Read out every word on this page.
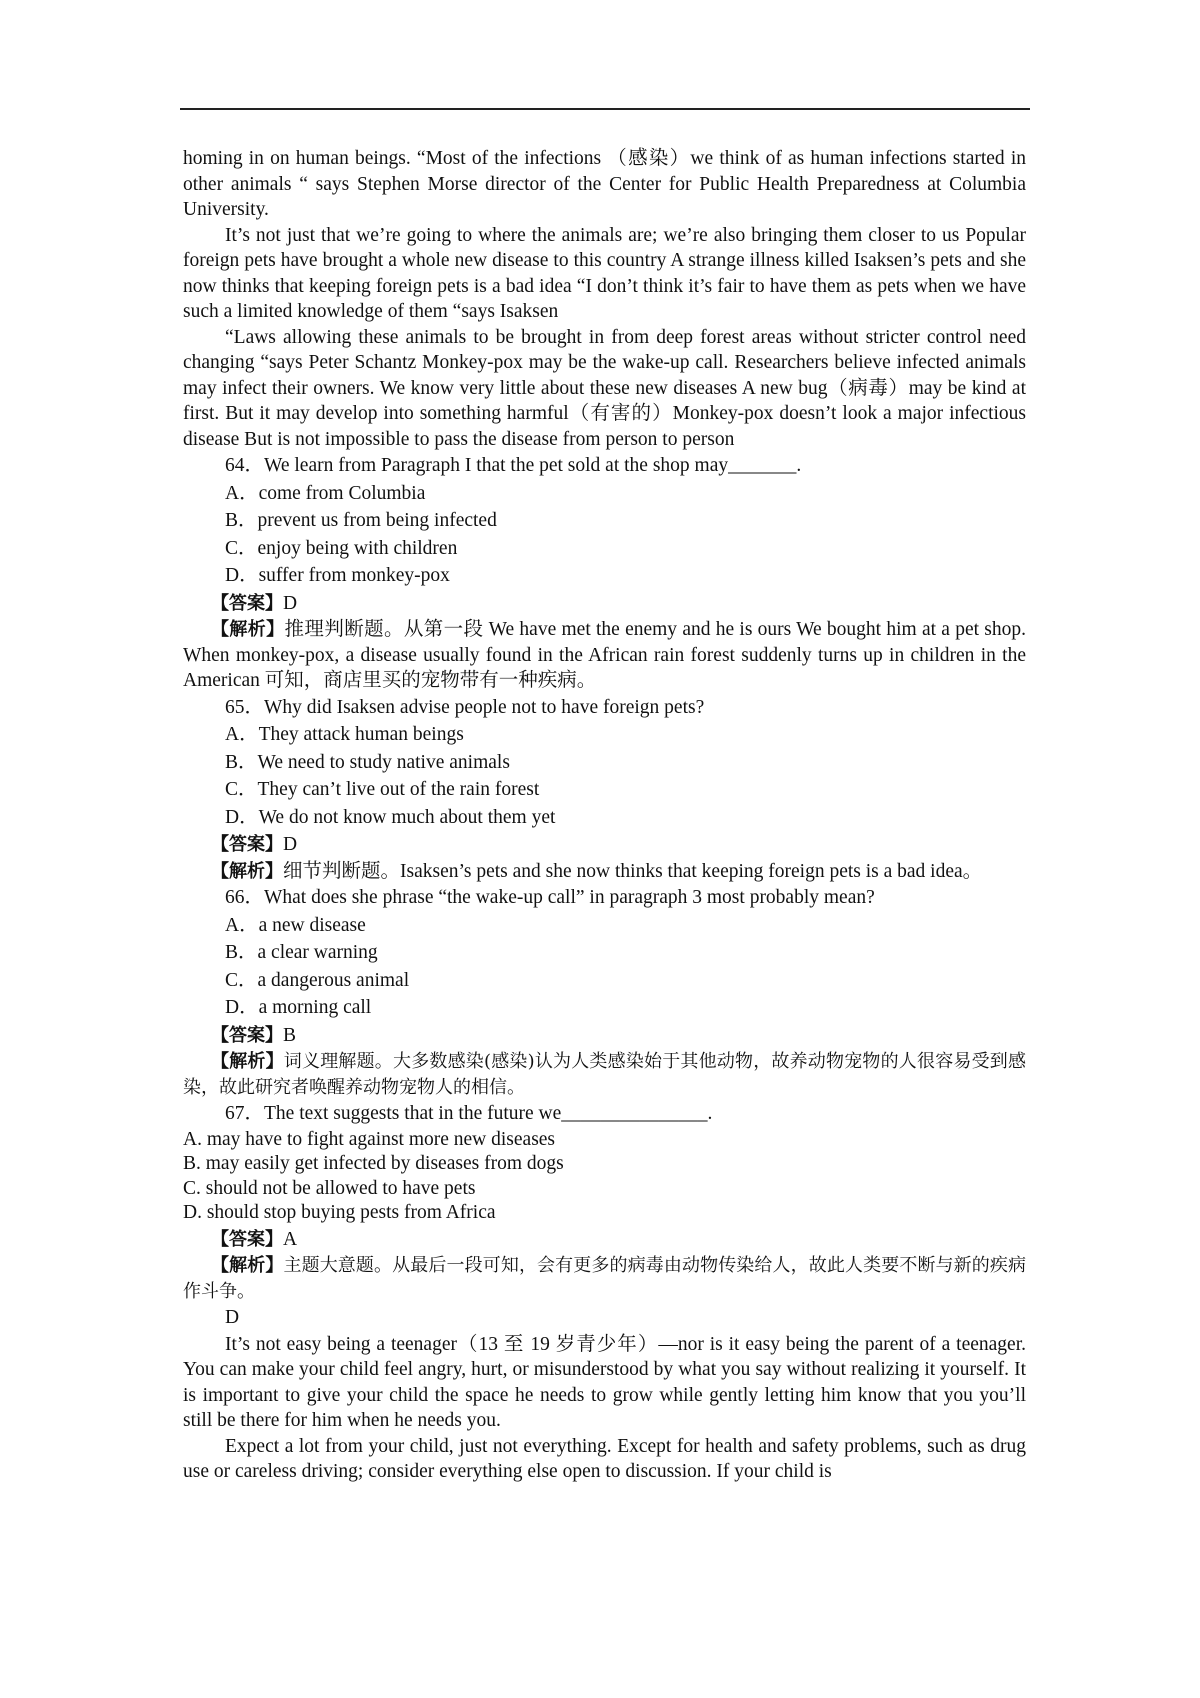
homing in on human beings. “Most of the infections （感染）we think of as human infections started in other animals “ says Stephen Morse director of the Center for Public Health Preparedness at Columbia University.

It’s not just that we’re going to where the animals are; we’re also bringing them closer to us Popular foreign pets have brought a whole new disease to this country A strange illness killed Isaksen’s pets and she now thinks that keeping foreign pets is a bad idea “I don’t think it’s fair to have them as pets when we have such a limited knowledge of them “says Isaksen

“Laws allowing these animals to be brought in from deep forest areas without stricter control need changing “says Peter Schantz Monkey-pox may be the wake-up call. Researchers believe infected animals may infect their owners. We know very little about these new diseases A new bug（病毒）may be kind at first. But it may develop into something harmful（有害的）Monkey-pox doesn’t look a major infectious disease But is not impossible to pass the disease from person to person

64．We learn from Paragraph I that the pet sold at the shop may_______.

A．come from Columbia

B．prevent us from being infected

C．enjoy being with children

D．suffer from monkey-pox

【答案】D

【解析】推理判断题。从第一段 We have met the enemy and he is ours We bought him at a pet shop. When monkey-pox, a disease usually found in the African rain forest suddenly turns up in children in the American 可知，商店里买的宠物带有一种疾病。

65．Why did Isaksen advise people not to have foreign pets?

A．They attack human beings

B．We need to study native animals

C．They can’t live out of the rain forest

D．We do not know much about them yet

【答案】D

【解析】细节判断题。Isaksen’s pets and she now thinks that keeping foreign pets is a bad idea。

66．What does she phrase “the wake-up call” in paragraph 3 most probably mean?

A．a new disease

B．a clear warning

C．a dangerous animal

D．a morning call

【答案】B

【解析】词义理解题。大多数感染(感染)认为人类感染始于其他动物，故养动物宠物的人很容易受到感染，故此研究者唤醒养动物宠物人的相信。

67．The text suggests that in the future we_______________.

A. may have to fight against more new diseases

B. may easily get infected by diseases from dogs

C. should not be allowed to have pets

D. should stop buying pests from Africa

【答案】A

【解析】主题大意题。从最后一段可知，会有更多的病毒由动物传染给人，故此人类要不断与新的疾病作斗争。

D

It’s not easy being a teenager（13 至 19 岁青少年）—nor is it easy being the parent of a teenager. You can make your child feel angry, hurt, or misunderstood by what you say without realizing it yourself. It is important to give your child the space he needs to grow while gently letting him know that you you’ll still be there for him when he needs you.

Expect a lot from your child, just not everything. Except for health and safety problems, such as drug use or careless driving; consider everything else open to discussion. If your child is
